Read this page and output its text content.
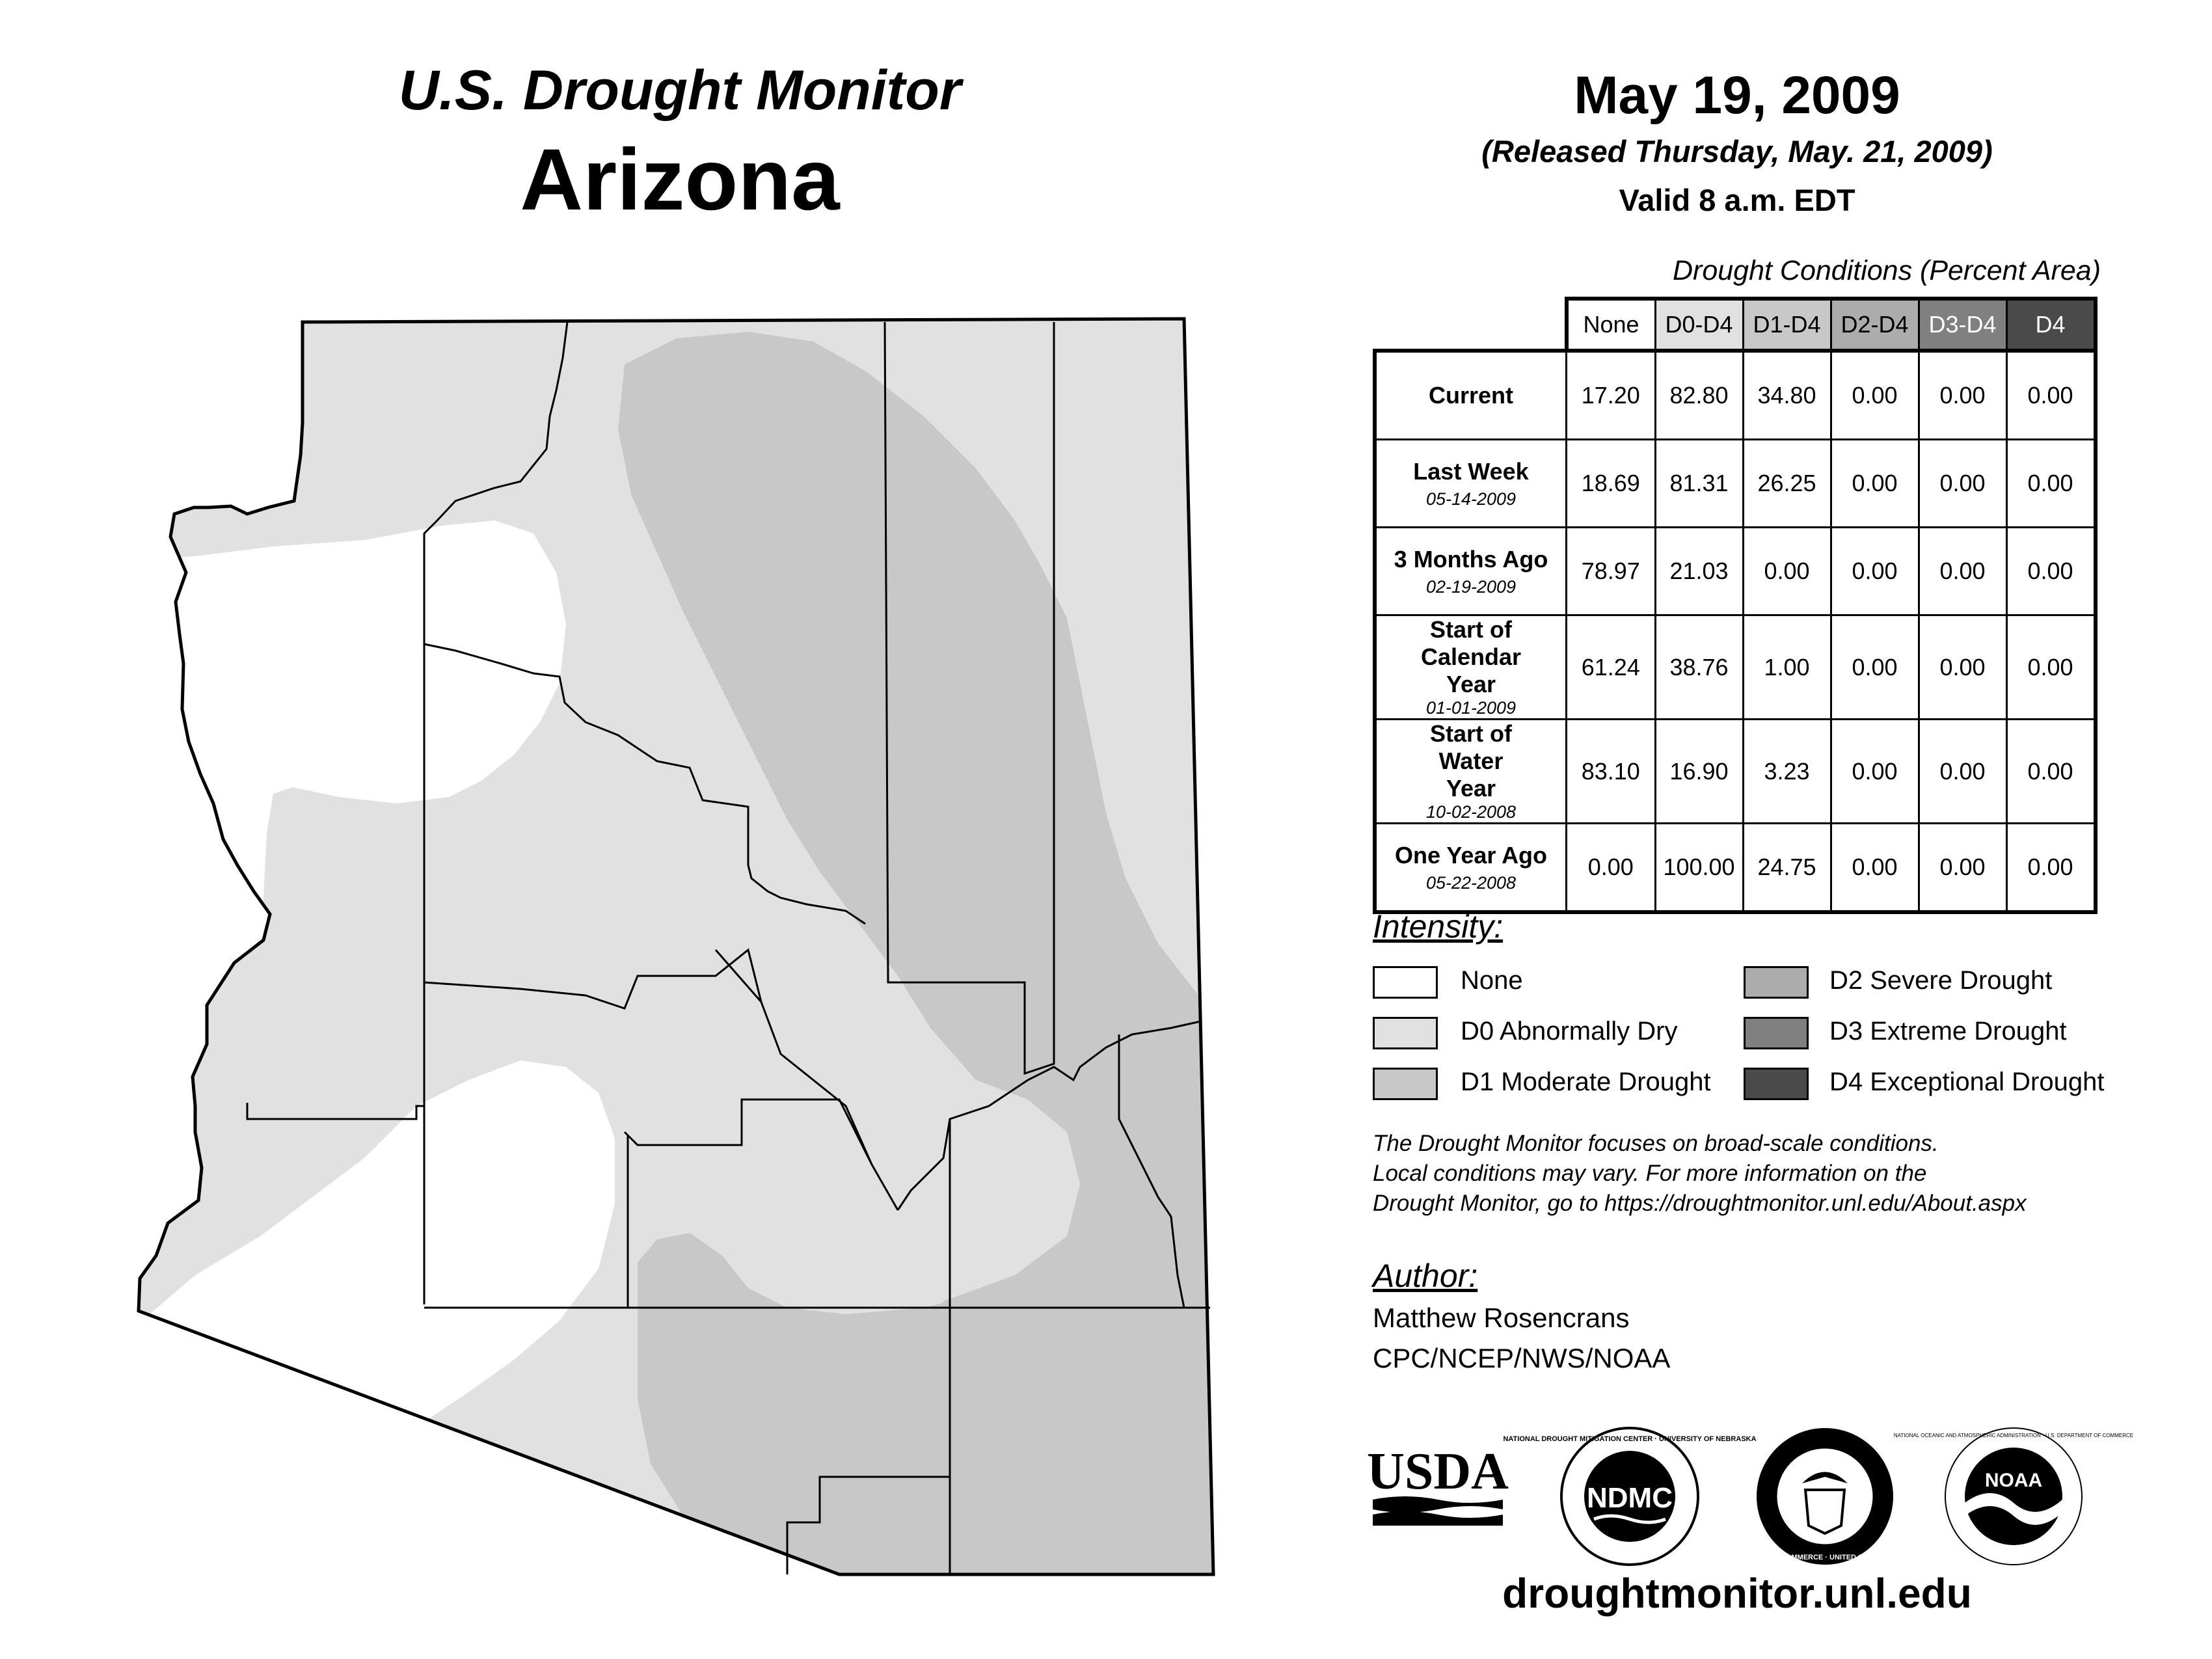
U.S. Drought Monitor
Arizona
May 19, 2009
(Released Thursday, May. 21, 2009)
Valid 8 a.m. EDT
Drought Conditions (Percent Area)
	None	D0-D4	D1-D4	D2-D4	D3-D4	D4

Current	17.20	82.80	34.80	0.00	0.00	0.00

Last Week
05-14-2009	18.69	81.31	26.25	0.00	0.00	0.00

3 Months Ago
02-19-2009	78.97	21.03	0.00	0.00	0.00	0.00

Start of Calendar Year
01-01-2009	61.24	38.76	1.00	0.00	0.00	0.00

Start of Water Year
10-02-2008	83.10	16.90	3.23	0.00	0.00	0.00

One Year Ago
05-22-2008	0.00	100.00	24.75	0.00	0.00	0.00
Intensity:
None
D0 Abnormally Dry
D1 Moderate Drought
D2 Severe Drought
D3 Extreme Drought
D4 Exceptional Drought
The Drought Monitor focuses on broad-scale conditions.
Local conditions may vary. For more information on the
Drought Monitor, go to https://droughtmonitor.unl.edu/About.aspx
Author:
Matthew Rosencrans
CPC/NCEP/NWS/NOAA
USDA	NDMC
NATIONAL DROUGHT MITIGATION CENTER · UNIVERSITY OF NEBRASKA
DEPARTMENT OF COMMERCE · UNITED STATES OF AMERICA
NOAA
NATIONAL OCEANIC AND ATMOSPHERIC ADMINISTRATION · U.S. DEPARTMENT OF COMMERCE
droughtmonitor.unl.edu
